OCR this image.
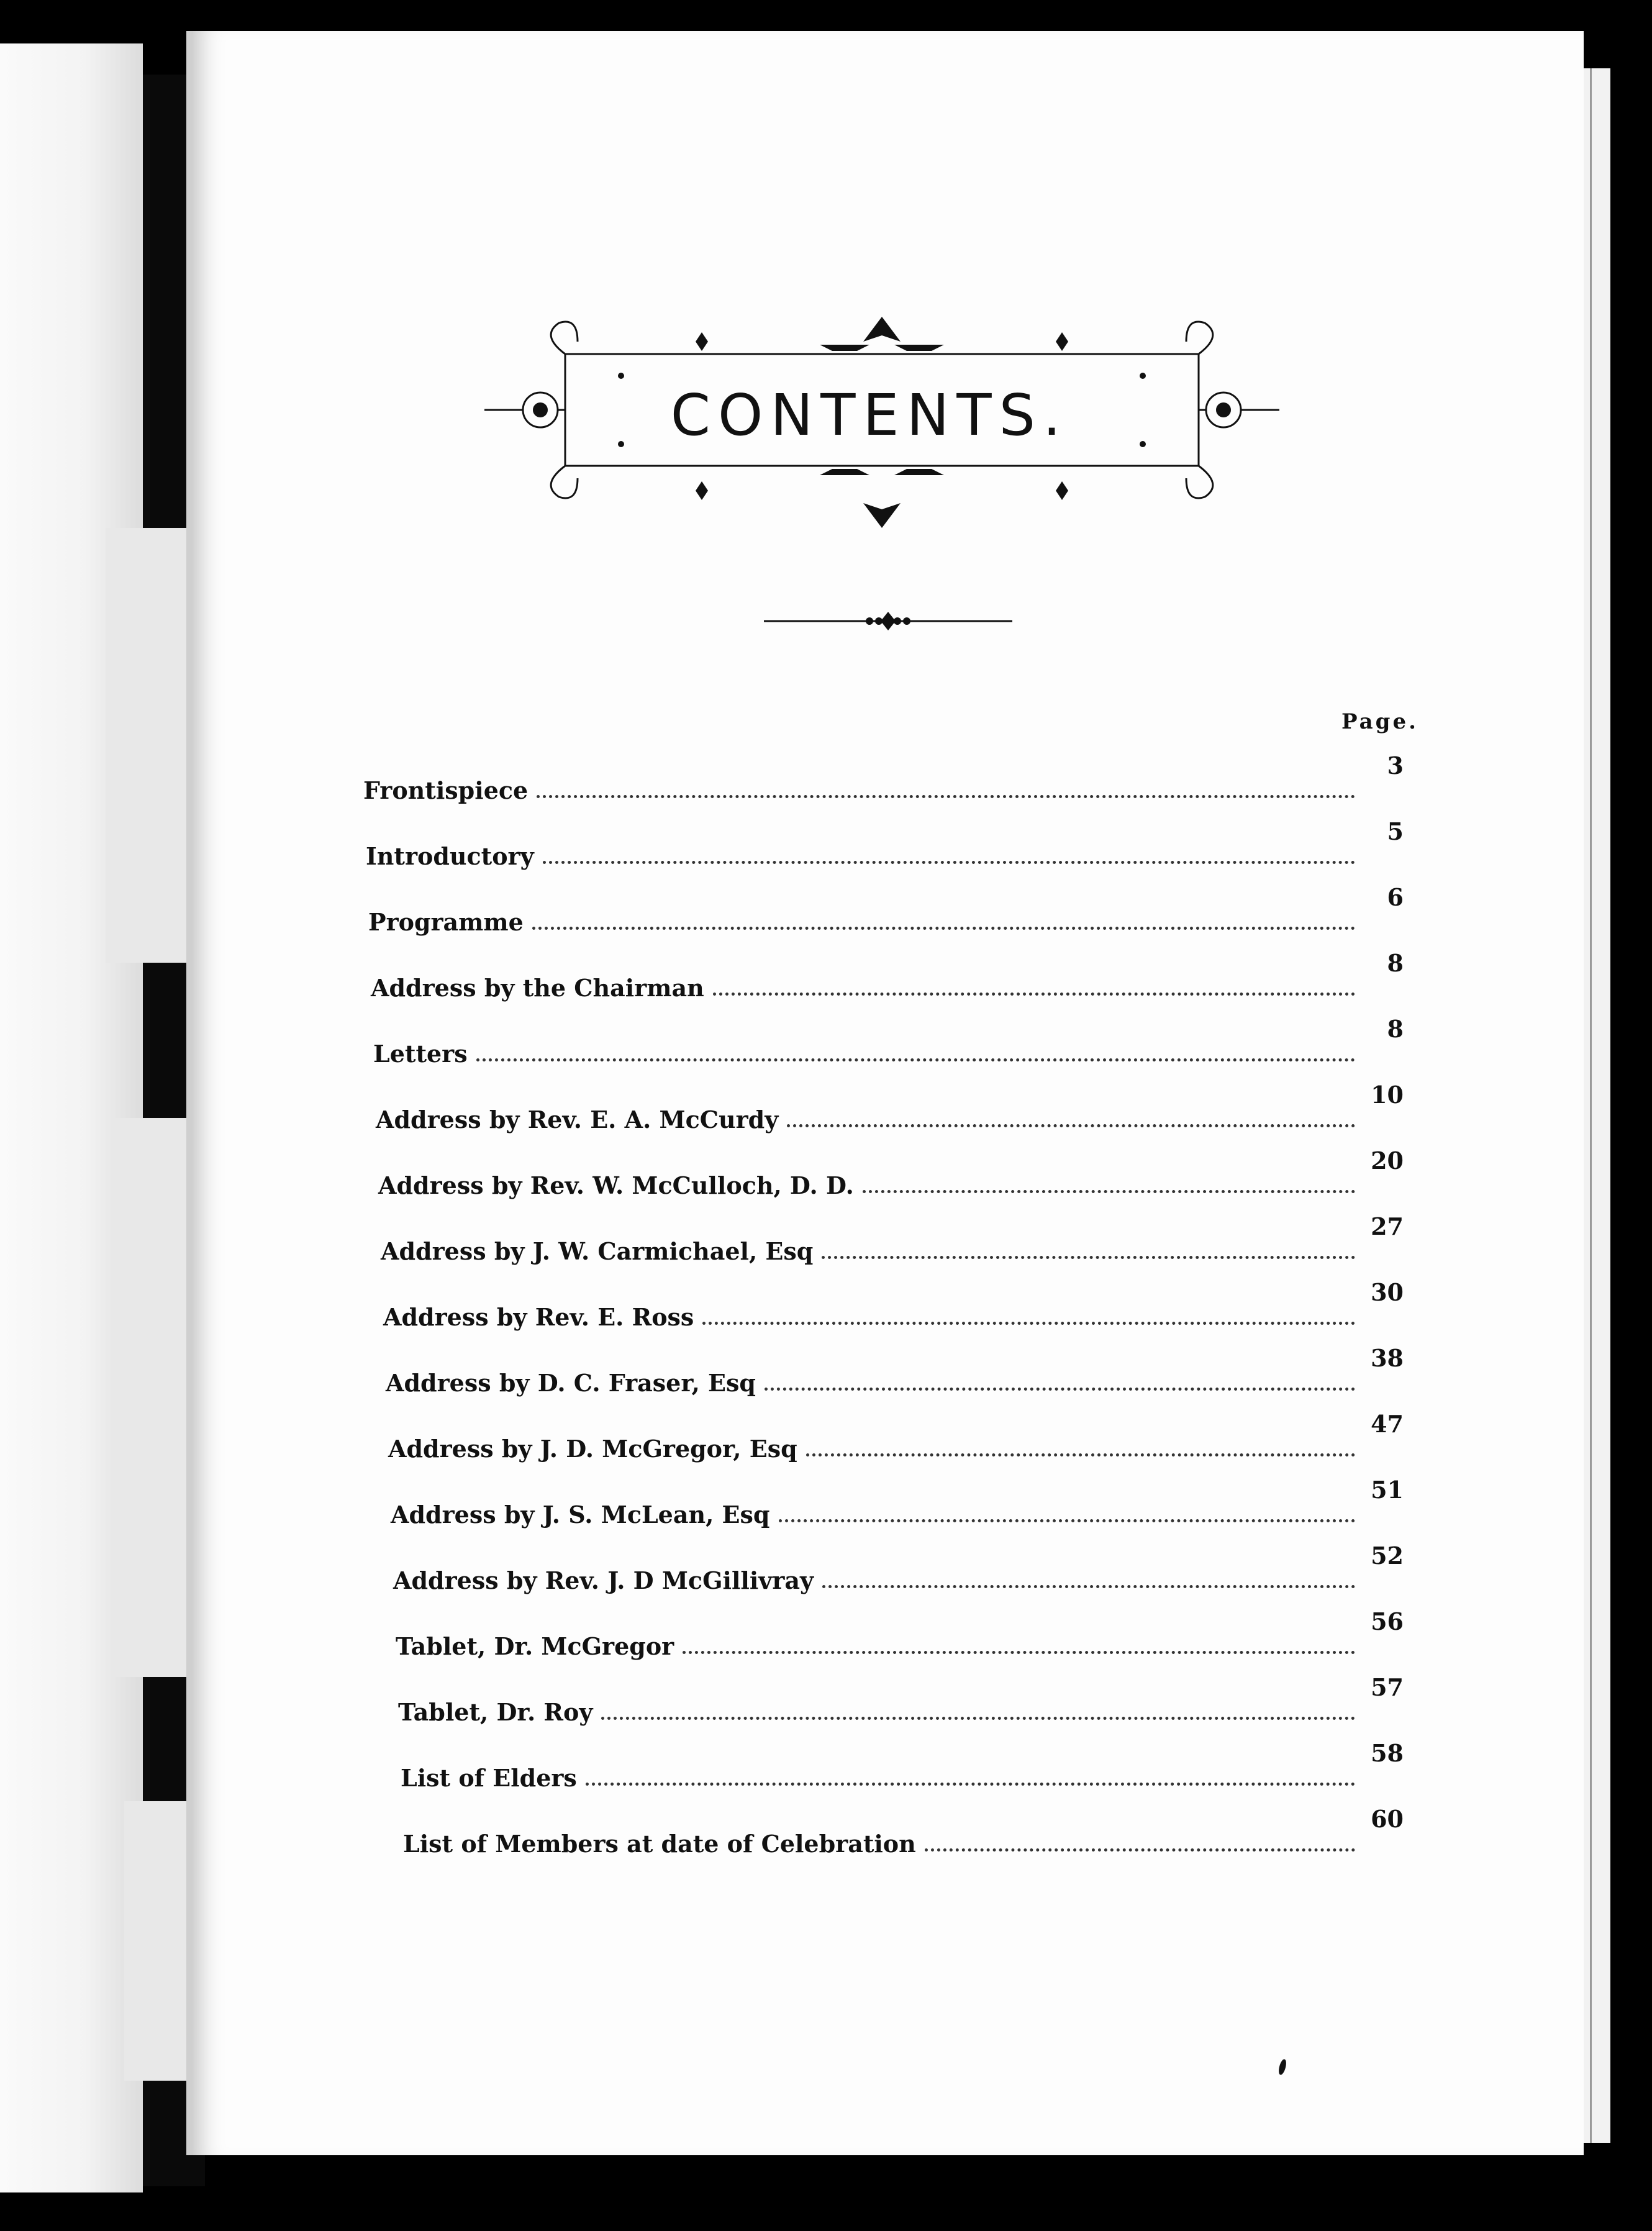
CONTENTS.
Page.
Frontispiece
3
Introductory
5
Programme
6
Address by the Chairman
8
Letters
8
Address by Rev. E. A. McCurdy
10
Address by Rev. W. McCulloch, D. D.
20
Address by J. W. Carmichael, Esq
27
Address by Rev. E. Ross
30
Address by D. C. Fraser, Esq
38
Address by J. D. McGregor, Esq
47
Address by J. S. McLean, Esq
51
Address by Rev. J. D McGillivray
52
Tablet, Dr. McGregor
56
Tablet, Dr. Roy
57
List of Elders
58
List of Members at date of Celebration
60
